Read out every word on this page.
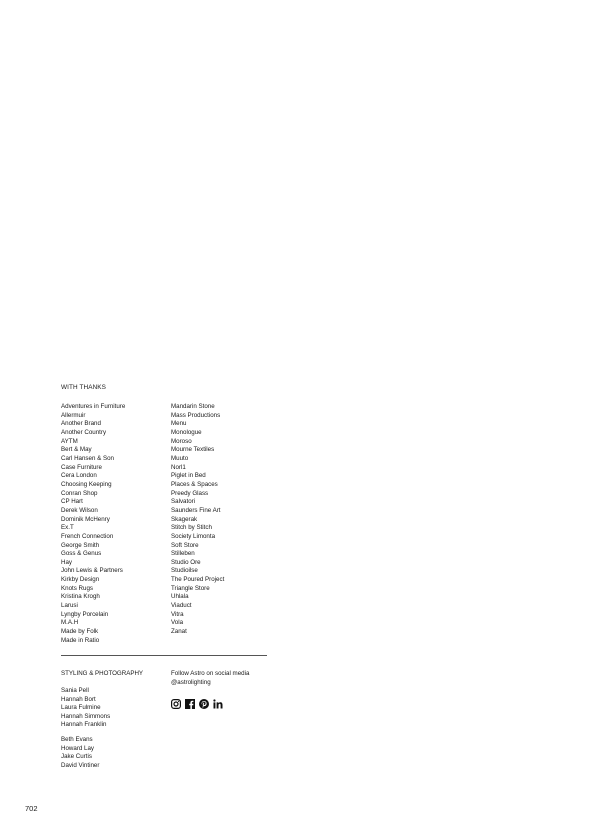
WITH THANKS
Adventures in Furniture
Allermuir
Another Brand
Another Country
AYTM
Bert & May
Carl Hansen & Son
Case Furniture
Cera London
Choosing Keeping
Conran Shop
CP Hart
Derek Wilson
Dominik McHenry
Ex.T
French Connection
George Smith
Goss & Genus
Hay
John Lewis & Partners
Kirkby Design
Knots Rugs
Kristina Krogh
Larusi
Lyngby Porcelain
M.A.H
Made by Folk
Made in Ratio
Mandarin Stone
Mass Productions
Menu
Monologue
Moroso
Mourne Textiles
Muuto
Norl1
Piglet in Bed
Places & Spaces
Preedy Glass
Salvatori
Saunders Fine Art
Skagerak
Stitch by Stitch
Society Limonta
Soft Store
Stilleben
Studio Ore
Studioilse
The Poured Project
Triangle Store
Uhlala
Viaduct
Vitra
Vola
Zanat
STYLING & PHOTOGRAPHY
Sania Pell
Hannah Bort
Laura Fulmine
Hannah Simmons
Hannah Franklin
Beth Evans
Howard Lay
Jake Curtis
David Vintiner
Follow Astro on social media
@astrolighting
702
